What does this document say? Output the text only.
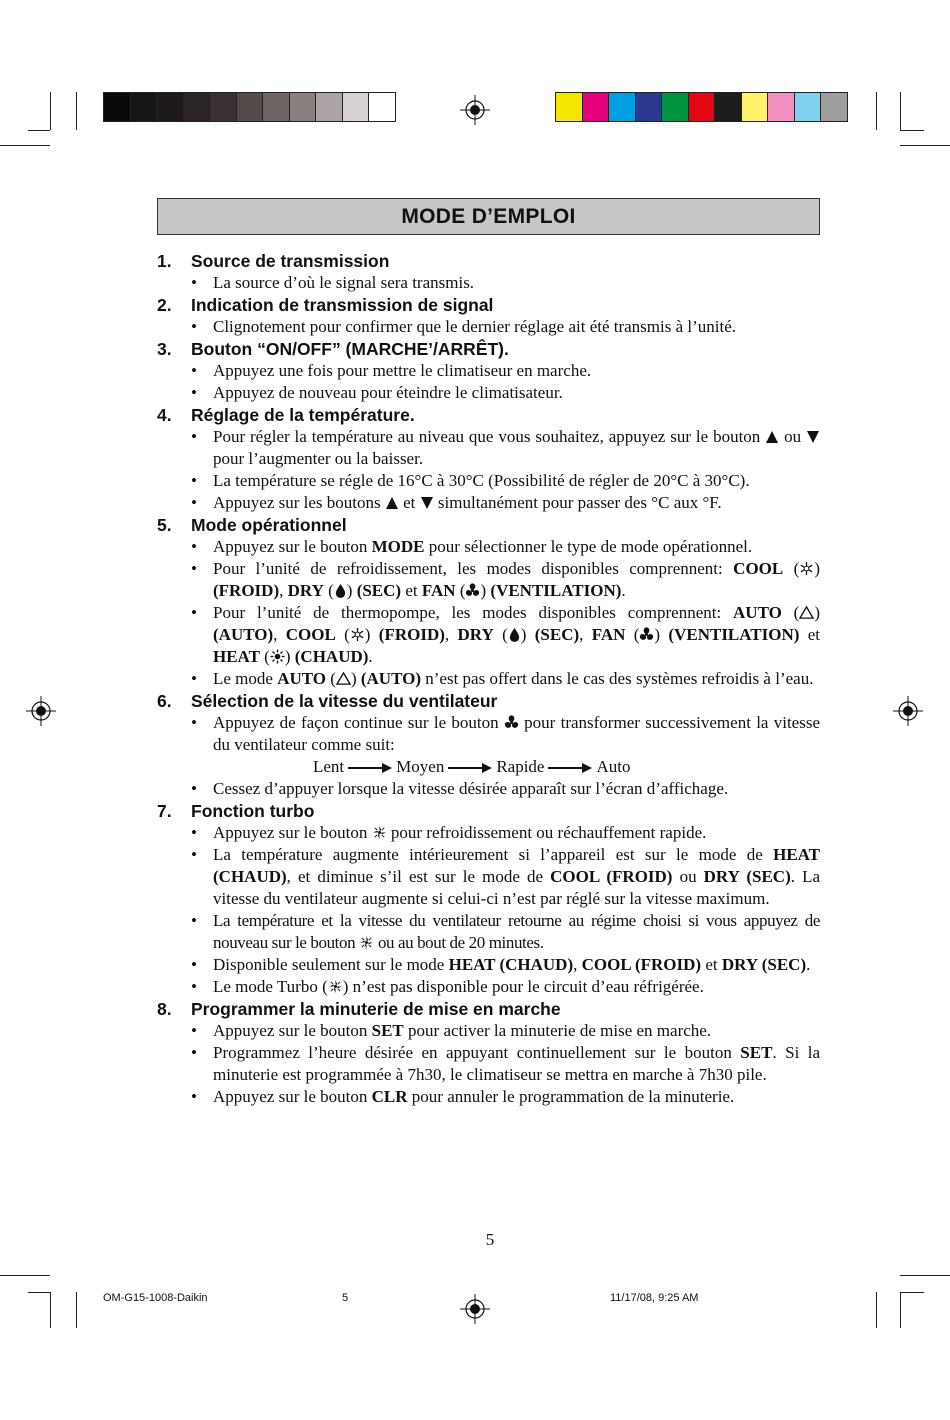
MODE D’EMPLOI
1.	Source de transmission
• La source d’où le signal sera transmis.
2.	Indication de transmission de signal
• Clignotement pour confirmer que le dernier réglage ait été transmis à l’unité.
3.	Bouton “ON/OFF” (MARCHE’/ARRÊT).
• Appuyez une fois pour mettre le climatiseur en marche.
• Appuyez de nouveau pour éteindre le climatisateur.
4.	Réglage de la température.
• Pour régler la température au niveau que vous souhaitez, appuyez sur le bouton ou  pour l’augmenter ou la baisser.
• La température se régle de 16°C à 30°C (Possibilité de régler de 20°C à 30°C).
• Appuyez sur les boutons et simultanément pour passer des °C aux °F.
5.	Mode opérationnel
• Appuyez sur le bouton MODE pour sélectionner le type de mode opérationnel.
• Pour l’unité de refroidissement, les modes disponibles comprennent: COOL ( ) (FROID), DRY ( ) (SEC) et FAN ( ) (VENTILATION).
• Pour l’unité de thermopompe, les modes disponibles comprennent: AUTO ( ) (AUTO), COOL ( ) (FROID), DRY ( ) (SEC), FAN ( ) (VENTILATION) et HEAT ( ) (CHAUD).
• Le mode AUTO ( ) (AUTO) n’est pas offert dans le cas des systèmes refroidis à l’eau.
6.	Sélection de la vitesse du ventilateur
• Appuyez de façon continue sur le bouton pour transformer successivement la vitesse du ventilateur comme suit:
Lent	Moyen	Rapide	Auto
• Cessez d’appuyer lorsque la vitesse désirée apparaît sur l’écran d’affichage.
7.	Fonction turbo
• Appuyez sur le bouton pour refroidissement ou réchauffement rapide.
• La température augmente intérieurement si l’appareil est sur le mode de HEAT (CHAUD), et diminue s’il est sur le mode de COOL (FROID) ou DRY (SEC). La vitesse du ventilateur augmente si celui-ci n’est par réglé sur la vitesse maximum.
• La température et la vitesse du ventilateur retourne au régime choisi si vous appuyez de nouveau sur le bouton ou au bout de 20 minutes.
• Disponible seulement sur le mode HEAT (CHAUD), COOL (FROID) et DRY (SEC).
• Le mode Turbo ( ) n’est pas disponible pour le circuit d’eau réfrigérée.
8.	Programmer la minuterie de mise en marche
• Appuyez sur le bouton SET pour activer la minuterie de mise en marche.
• Programmez l’heure désirée en appuyant continuellement sur le bouton SET. Si la minuterie est programmée à 7h30, le climatiseur se mettra en marche à 7h30 pile.
• Appuyez sur le bouton CLR pour annuler le programmation de la minuterie.
5
OM-G15-1008-Daikin	5	11/17/08, 9:25 AM
